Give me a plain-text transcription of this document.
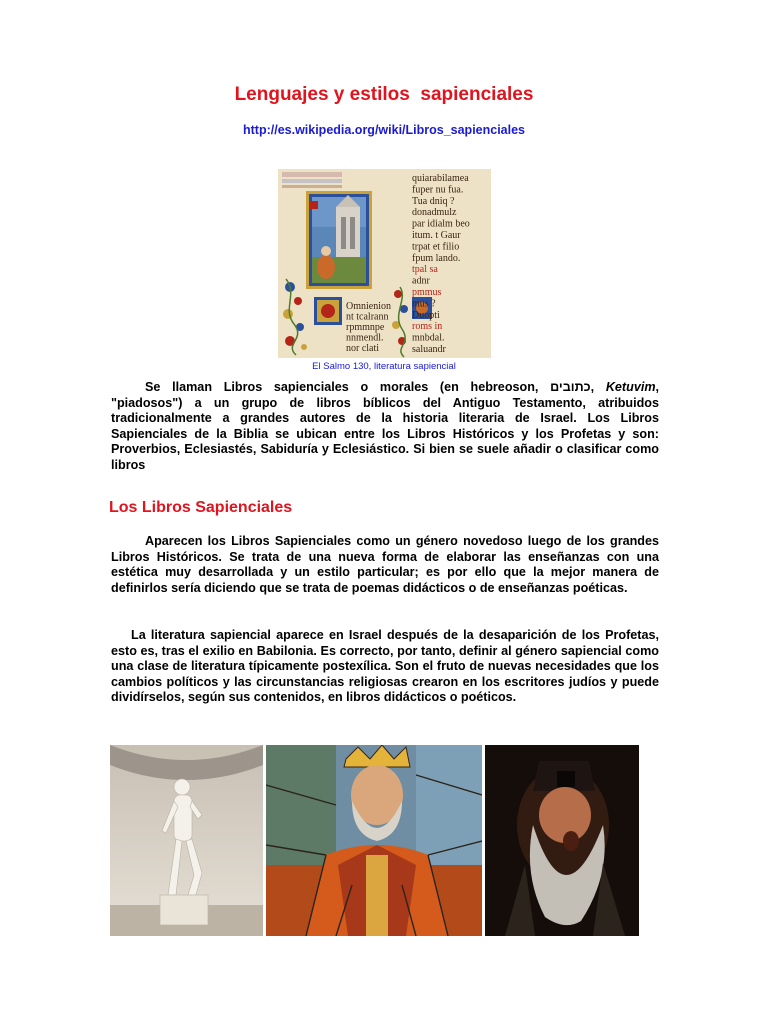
Lenguajes y estilos  sapienciales
http://es.wikipedia.org/wiki/Libros_sapienciales
Omnienion
nt tcalrann
rpmmnpe
nnmendl.
nor clati
quiarabilamea
fuper nu fua.
Tua dniq ?
donadmulz
par idialm beo
itum. t Gaur
trpat et filio
fpum lando.
tpal sa
adnr
pmmus
mus ?
Duopti
roms in
mnbdal.
saluandr
El Salmo 130, literatura sapiencial

Se llaman Libros sapienciales o morales (en hebreoson, כתובים, Ketuvim, "piadosos") a un grupo de libros bíblicos del Antiguo Testamento, atribuidos tradicionalmente a grandes autores de la historia literaria de Israel. Los Libros Sapienciales de la Biblia se ubican entre los Libros Históricos y los Profetas y son: Proverbios, Eclesiastés, Sabiduría y Eclesiástico. Si bien se suele añadir o clasificar como libros

Los Libros Sapienciales

Aparecen los Libros Sapienciales como un género novedoso luego de los grandes Libros Históricos. Se trata de una nueva forma de elaborar las enseñanzas con una estética muy desarrollada y un estilo particular; es por ello que la mejor manera de definirlos sería diciendo que se trata de poemas didácticos o de enseñanzas poéticas.

La literatura sapiencial aparece en Israel después de la desaparición de los Profetas, esto es, tras el exilio en Babilonia. Es correcto, por tanto, definir al género sapiencial como una clase de literatura típicamente postexílica. Son el fruto de nuevas necesidades que los cambios políticos y las circunstancias religiosas crearon en los escritores judíos y puede dividírselos, según sus contenidos, en libros didácticos o poéticos.
